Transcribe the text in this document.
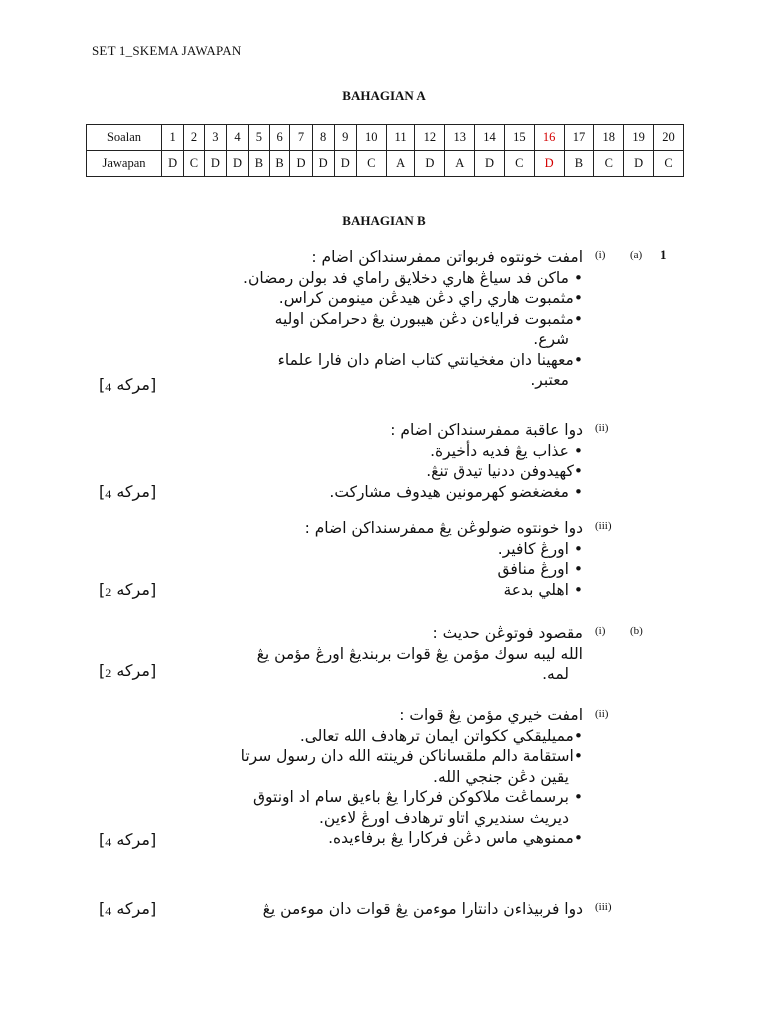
SET 1_SKEMA JAWAPAN
BAHAGIAN A
Soalan	1	2	3	4	5	6	7	8	9	10	11	12	13	14	15	16	17	18	19	20
Jawapan	D	C	D	D	B	B	D	D	D	C	A	D	A	D	C	D	B	C	D	C
BAHAGIAN B
1
(a)
(b)
(i)
امفت خونتوه فربواتن ممفرسنداكن اضام :
• ماكن فد سياڠ هاري دخلايق راماي فد بولن رمضان.
•مثمبوت هاري راي دڠن هيدڠن مينومن كراس.
•مثمبوت فراياءن دڠن هيبورن يڠ دحرامكن اوليه
شرع.
•معهينا دان مغخيانتي كتاب اضام دان فارا علماء
معتبر.
[ مركه $_4$ ]
(ii)
دوا عاقبة ممفرسنداكن اضام :
• عذاب يڠ فديه دأخيرة.
•كهيدوفن ددنيا تيدق تنڠ.
• مغضغضو كهرمونين هيدوف مشاركت.
[ مركه $_4$ ]
(iii)
دوا خونتوه ضولوڠن يڠ ممفرسنداكن اضام :
• اورڠ كافير.
• اورڠ منافق
• اهلي بدعة
[ مركه $_2$ ]
(i)
مقصود فوتوڠن حديث :
الله ليبه سوك مؤمن يڠ قوات بربنديڠ اورڠ مؤمن يڠ
لمه.
[ مركه $_2$ ]
(ii)
امفت خيري مؤمن يڠ قوات :
•مميليقكي ككواتن ايمان ترهادف الله تعالى.
•استقامة دالم ملقساناكن فرينته الله دان رسول سرتا
يقين دڠن جنجي الله.
• برسماڠت ملاكوكن فركارا يڠ باءيق سام اد اونتوق
ديريث سنديري اتاو ترهادف اورڠ لاءين.
•ممنوهي ماس دڠن فركارا يڠ برفاءيده.
[ مركه $_4$ ]
(iii)
دوا فربيذاءن دانتارا موءمن يڠ قوات دان موءمن يڠ
[ مركه $_4$ ]
